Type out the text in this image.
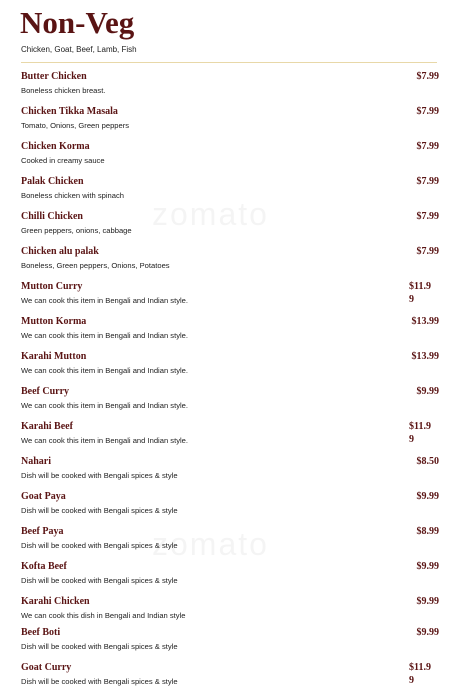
Non-Veg
Chicken, Goat, Beef, Lamb, Fish
Butter Chicken
Boneless chicken breast.
$7.99
Chicken Tikka Masala
Tomato, Onions, Green peppers
$7.99
Chicken Korma
Cooked in creamy sauce
$7.99
Palak Chicken
Boneless chicken with spinach
$7.99
Chilli Chicken
Green peppers, onions, cabbage
$7.99
Chicken alu palak
Boneless, Green peppers, Onions, Potatoes
$7.99
Mutton Curry
We can cook this item in Bengali and Indian style.
$11.99
Mutton Korma
We can cook this item in Bengali and Indian style.
$13.99
Karahi Mutton
We can cook this item in Bengali and Indian style.
$13.99
Beef Curry
We can cook this item in Bengali and Indian style.
$9.99
Karahi Beef
We can cook this item in Bengali and Indian style.
$11.99
Nahari
Dish will be cooked with Bengali spices & style
$8.50
Goat Paya
Dish will be cooked with Bengali spices & style
$9.99
Beef Paya
Dish will be cooked with Bengali spices & style
$8.99
Kofta Beef
Dish will be cooked with Bengali spices & style
$9.99
Karahi Chicken
We can cook this dish in Bengali and Indian style
$9.99
Beef Boti
Dish will be cooked with Bengali spices & style
$9.99
Goat Curry
Dish will be cooked with Bengali spices & style
$11.99
